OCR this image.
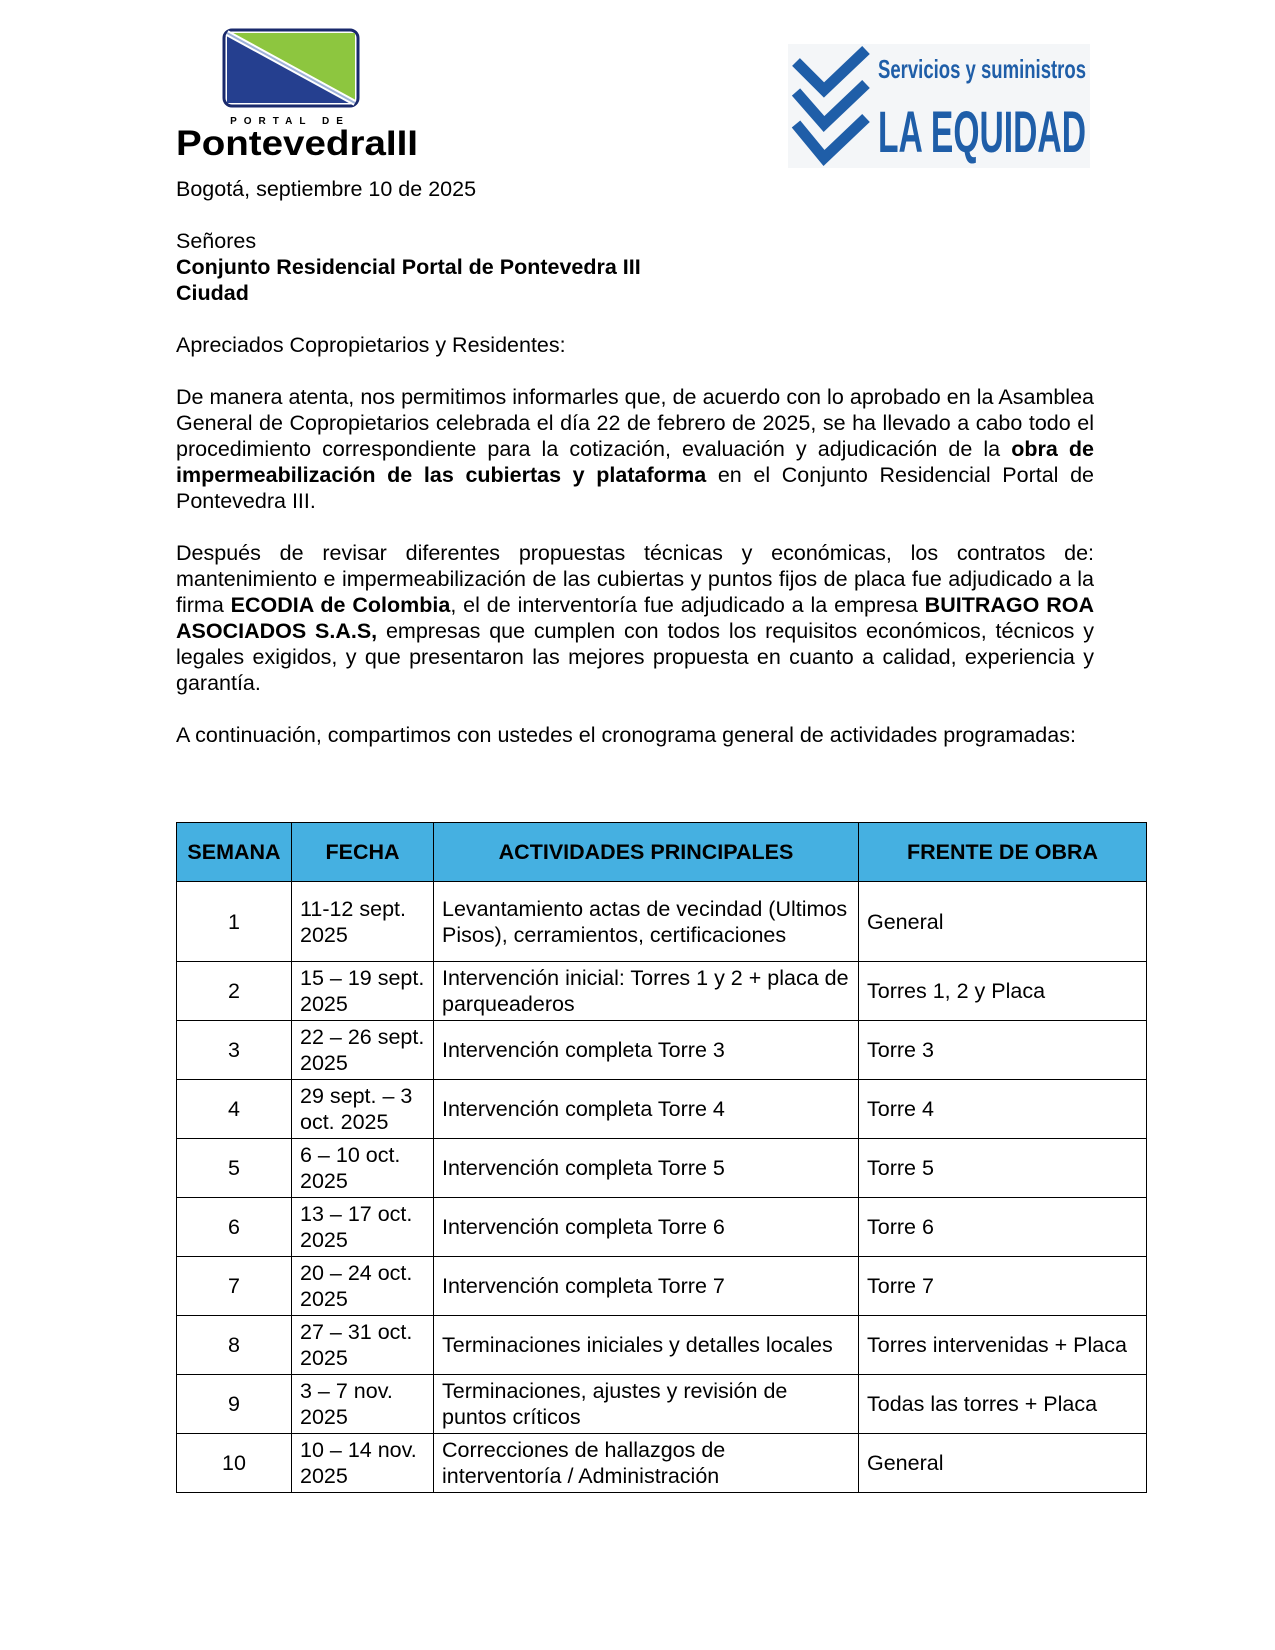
PORTAL DE
PontevedraIII
Servicios y suministros
LA EQUIDAD

Bogotá, septiembre 10 de 2025

Señores

Conjunto Residencial Portal de Pontevedra III

Ciudad

Apreciados Copropietarios y Residentes:

De manera atenta, nos permitimos informarles que, de acuerdo con lo aprobado en la Asamblea General de Copropietarios celebrada el día 22 de febrero de 2025, se ha llevado a cabo todo el procedimiento correspondiente para la cotización, evaluación y adjudicación de la obra de impermeabilización de las cubiertas y plataforma en el Conjunto Residencial Portal de Pontevedra III.

Después de revisar diferentes propuestas técnicas y económicas, los contratos de: mantenimiento e impermeabilización de las cubiertas y puntos fijos de placa fue adjudicado a la firma ECODIA de Colombia, el de interventoría fue adjudicado a la empresa BUITRAGO ROA ASOCIADOS S.A.S, empresas que cumplen con todos los requisitos económicos, técnicos y legales exigidos, y que presentaron las mejores propuesta en cuanto a calidad, experiencia y garantía.

A continuación, compartimos con ustedes el cronograma general de actividades programadas:

SEMANA	FECHA	ACTIVIDADES PRINCIPALES	FRENTE DE OBRA
1	11-12 sept. 2025	Levantamiento actas de vecindad (Ultimos Pisos), cerramientos, certificaciones	General
2	15 – 19 sept. 2025	Intervención inicial: Torres 1 y 2 + placa de parqueaderos	Torres 1, 2 y Placa
3	22 – 26 sept. 2025	Intervención completa Torre 3	Torre 3
4	29 sept. – 3 oct. 2025	Intervención completa Torre 4	Torre 4
5	6 – 10 oct. 2025	Intervención completa Torre 5	Torre 5
6	13 – 17 oct. 2025	Intervención completa Torre 6	Torre 6
7	20 – 24 oct. 2025	Intervención completa Torre 7	Torre 7
8	27 – 31 oct. 2025	Terminaciones iniciales y detalles locales	Torres intervenidas + Placa
9	3 – 7 nov. 2025	Terminaciones, ajustes y revisión de puntos críticos	Todas las torres + Placa
10	10 – 14 nov. 2025	Correcciones de hallazgos de interventoría / Administración	General
